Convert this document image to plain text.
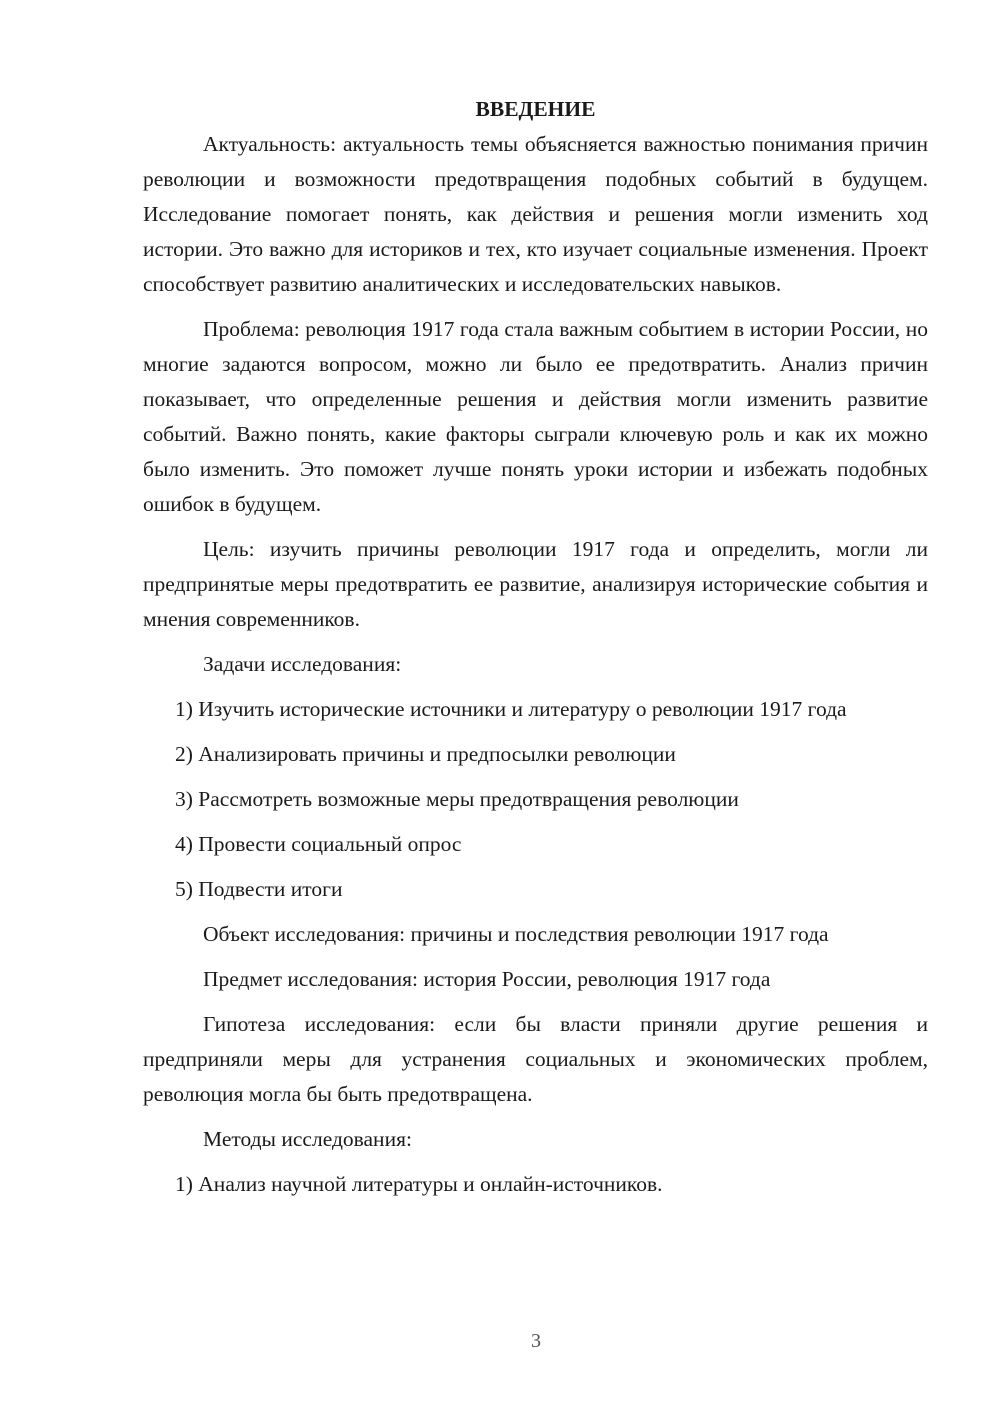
ВВЕДЕНИЕ

Актуальность: актуальность темы объясняется важностью понимания причин революции и возможности предотвращения подобных событий в будущем. Исследование помогает понять, как действия и решения могли изменить ход истории. Это важно для историков и тех, кто изучает социальные изменения. Проект способствует развитию аналитических и исследовательских навыков.

Проблема: революция 1917 года стала важным событием в истории России, но многие задаются вопросом, можно ли было ее предотвратить. Анализ причин показывает, что определенные решения и действия могли изменить развитие событий. Важно понять, какие факторы сыграли ключевую роль и как их можно было изменить. Это поможет лучше понять уроки истории и избежать подобных ошибок в будущем.

Цель: изучить причины революции 1917 года и определить, могли ли предпринятые меры предотвратить ее развитие, анализируя исторические события и мнения современников.

Задачи исследования:

1) Изучить исторические источники и литературу о революции 1917 года

2) Анализировать причины и предпосылки революции

3) Рассмотреть возможные меры предотвращения революции

4) Провести социальный опрос

5) Подвести итоги

Объект исследования: причины и последствия революции 1917 года

Предмет исследования: история России, революция 1917 года

Гипотеза исследования: если бы власти приняли другие решения и предприняли меры для устранения социальных и экономических проблем, революция могла бы быть предотвращена.

Методы исследования:

1) Анализ научной литературы и онлайн-источников.

3
